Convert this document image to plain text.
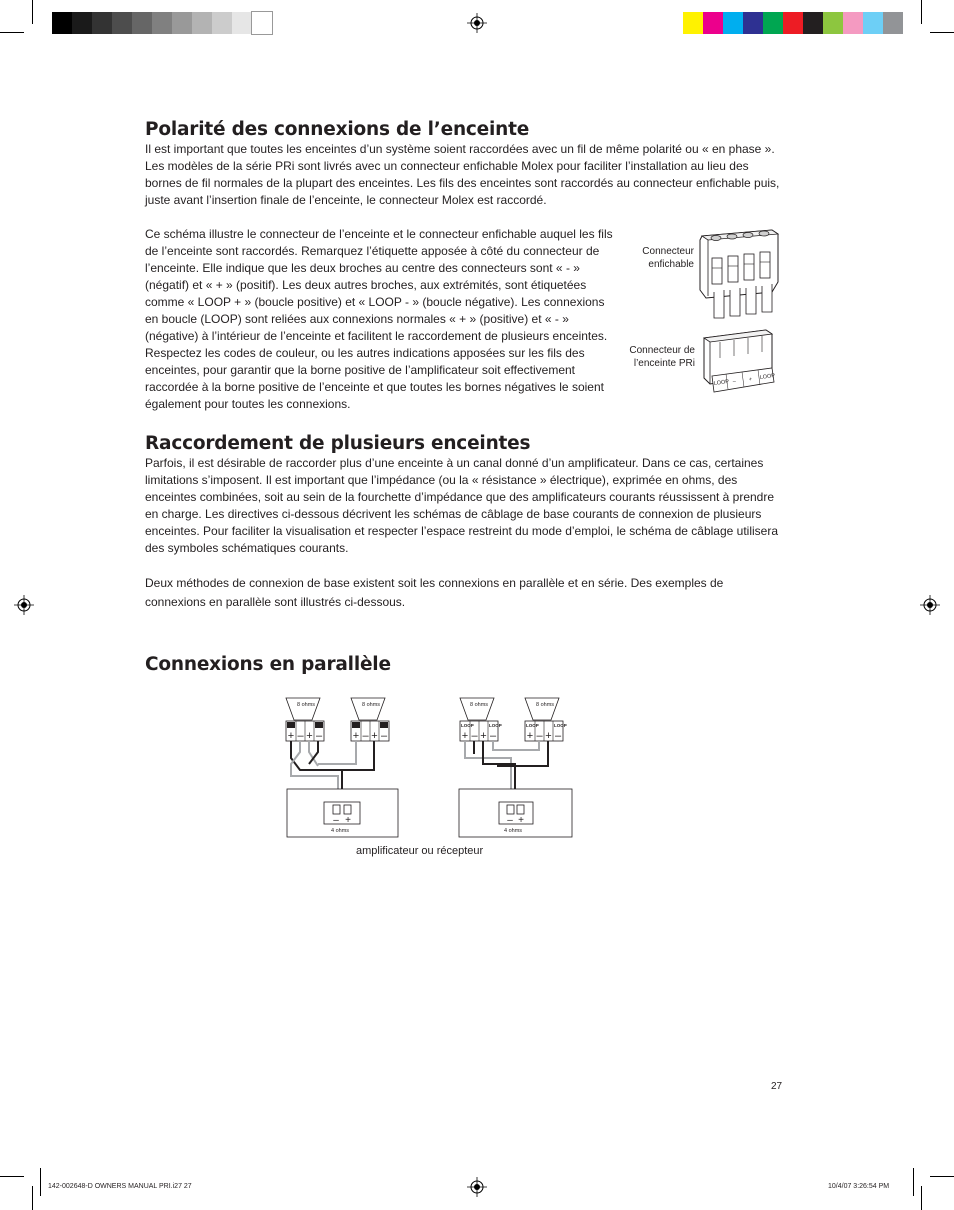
Polarité des connexions de l’enceinte

Il est important que toutes les enceintes d’un système soient raccordées avec un fil de même polarité ou « en phase ». Les modèles de la série PRi sont livrés avec un connecteur enfichable Molex pour faciliter l’installation au lieu des bornes de fil normales de la plupart des enceintes. Les fils des enceintes sont raccordés au connecteur enfichable puis, juste avant l’insertion finale de l’enceinte, le connecteur Molex est raccordé.

Ce schéma illustre le connecteur de l’enceinte et le connecteur enfichable auquel les fils de l’enceinte sont raccordés. Remarquez l’étiquette apposée à côté du connecteur de l’enceinte. Elle indique que les deux broches au centre des connecteurs sont « - » (négatif) et « + » (positif). Les deux autres broches, aux extrémités, sont étiquetées comme « LOOP + » (boucle positive) et « LOOP - » (boucle négative). Les connexions en boucle (LOOP) sont reliées aux connexions normales « + » (positive) et « - » (négative) à l’intérieur de l’enceinte et facilitent le raccordement de plusieurs enceintes. Respectez les codes de couleur, ou les autres indications apposées sur les fils des enceintes, pour garantir que la borne positive de l’amplificateur soit effectivement raccordée à la borne positive de l’enceinte et que toutes les bornes négatives le soient également pour toutes les connexions.

Connecteur enfichable
Connecteur de l’enceinte PRi
LOOP – + LOOP
Raccordement de plusieurs enceintes

Parfois, il est désirable de raccorder plus d’une enceinte à un canal donné d’un amplificateur. Dans ce cas, certaines limitations s’imposent. Il est important que l’impédance (ou la « résistance » électrique), exprimée en ohms, des enceintes combinées, soit au sein de la fourchette d’impédance que des amplificateurs courants réussissent à prendre en charge. Les directives ci-dessous décrivent les schémas de câblage de base courants de connexion de plusieurs enceintes. Pour faciliter la visualisation et respecter l’espace restreint du mode d’emploi, le schéma de câblage utilisera des symboles schématiques courants.

Deux méthodes de connexion de base existent soit les connexions en parallèle et en série. Des exemples de connexions en parallèle sont illustrés ci-dessous.

Connexions en parallèle
8 ohms
+ – + –
8 ohms
+ – + –
– +
4 ohms
8 ohms
LOOP	LOOP
+ – + –
8 ohms
LOOP	LOOP
+ – + –
– +
4 ohms
amplificateur ou récepteur
27
142-002648-D OWNERS MANUAL PRI.i27 27	10/4/07 3:26:54 PM
